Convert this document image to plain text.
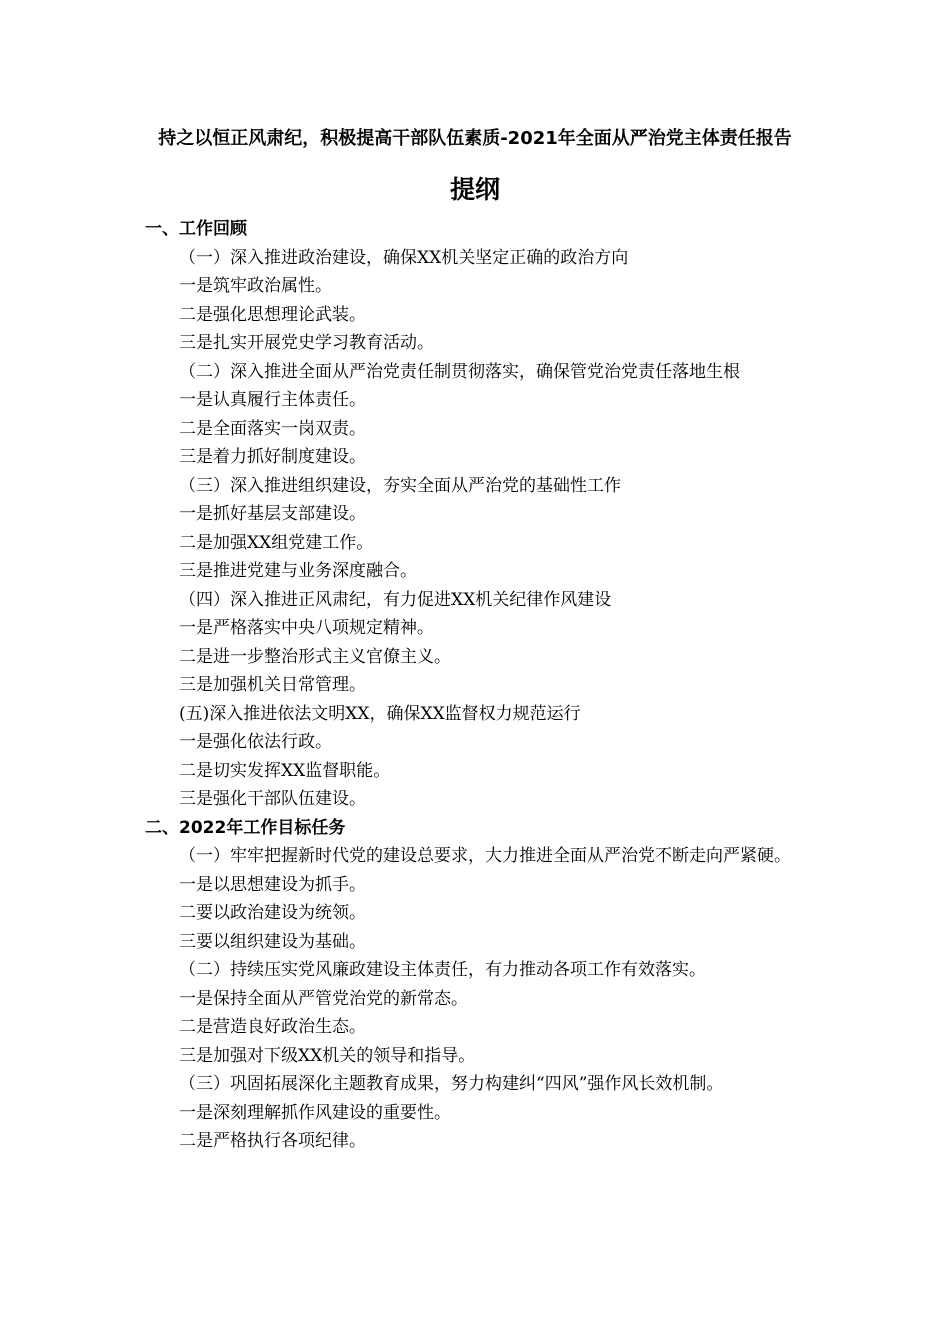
持之以恒正风肃纪，积极提高干部队伍素质-2021年全面从严治党主体责任报告
提纲

一、工作回顾

（一）深入推进政治建设，确保XX机关坚定正确的政治方向

一是筑牢政治属性。

二是强化思想理论武装。

三是扎实开展党史学习教育活动。

（二）深入推进全面从严治党责任制贯彻落实，确保管党治党责任落地生根

一是认真履行主体责任。

二是全面落实一岗双责。

三是着力抓好制度建设。

（三）深入推进组织建设，夯实全面从严治党的基础性工作

一是抓好基层支部建设。

二是加强XX组党建工作。

三是推进党建与业务深度融合。

（四）深入推进正风肃纪，有力促进XX机关纪律作风建设

一是严格落实中央八项规定精神。

二是进一步整治形式主义官僚主义。

三是加强机关日常管理。

(五)深入推进依法文明XX，确保XX监督权力规范运行

一是强化依法行政。

二是切实发挥XX监督职能。

三是强化干部队伍建设。

二、2022年工作目标任务

（一）牢牢把握新时代党的建设总要求，大力推进全面从严治党不断走向严紧硬。

一是以思想建设为抓手。

二要以政治建设为统领。

三要以组织建设为基础。

（二）持续压实党风廉政建设主体责任，有力推动各项工作有效落实。

一是保持全面从严管党治党的新常态。

二是营造良好政治生态。

三是加强对下级XX机关的领导和指导。

（三）巩固拓展深化主题教育成果，努力构建纠“四风”强作风长效机制。

一是深刻理解抓作风建设的重要性。

二是严格执行各项纪律。
